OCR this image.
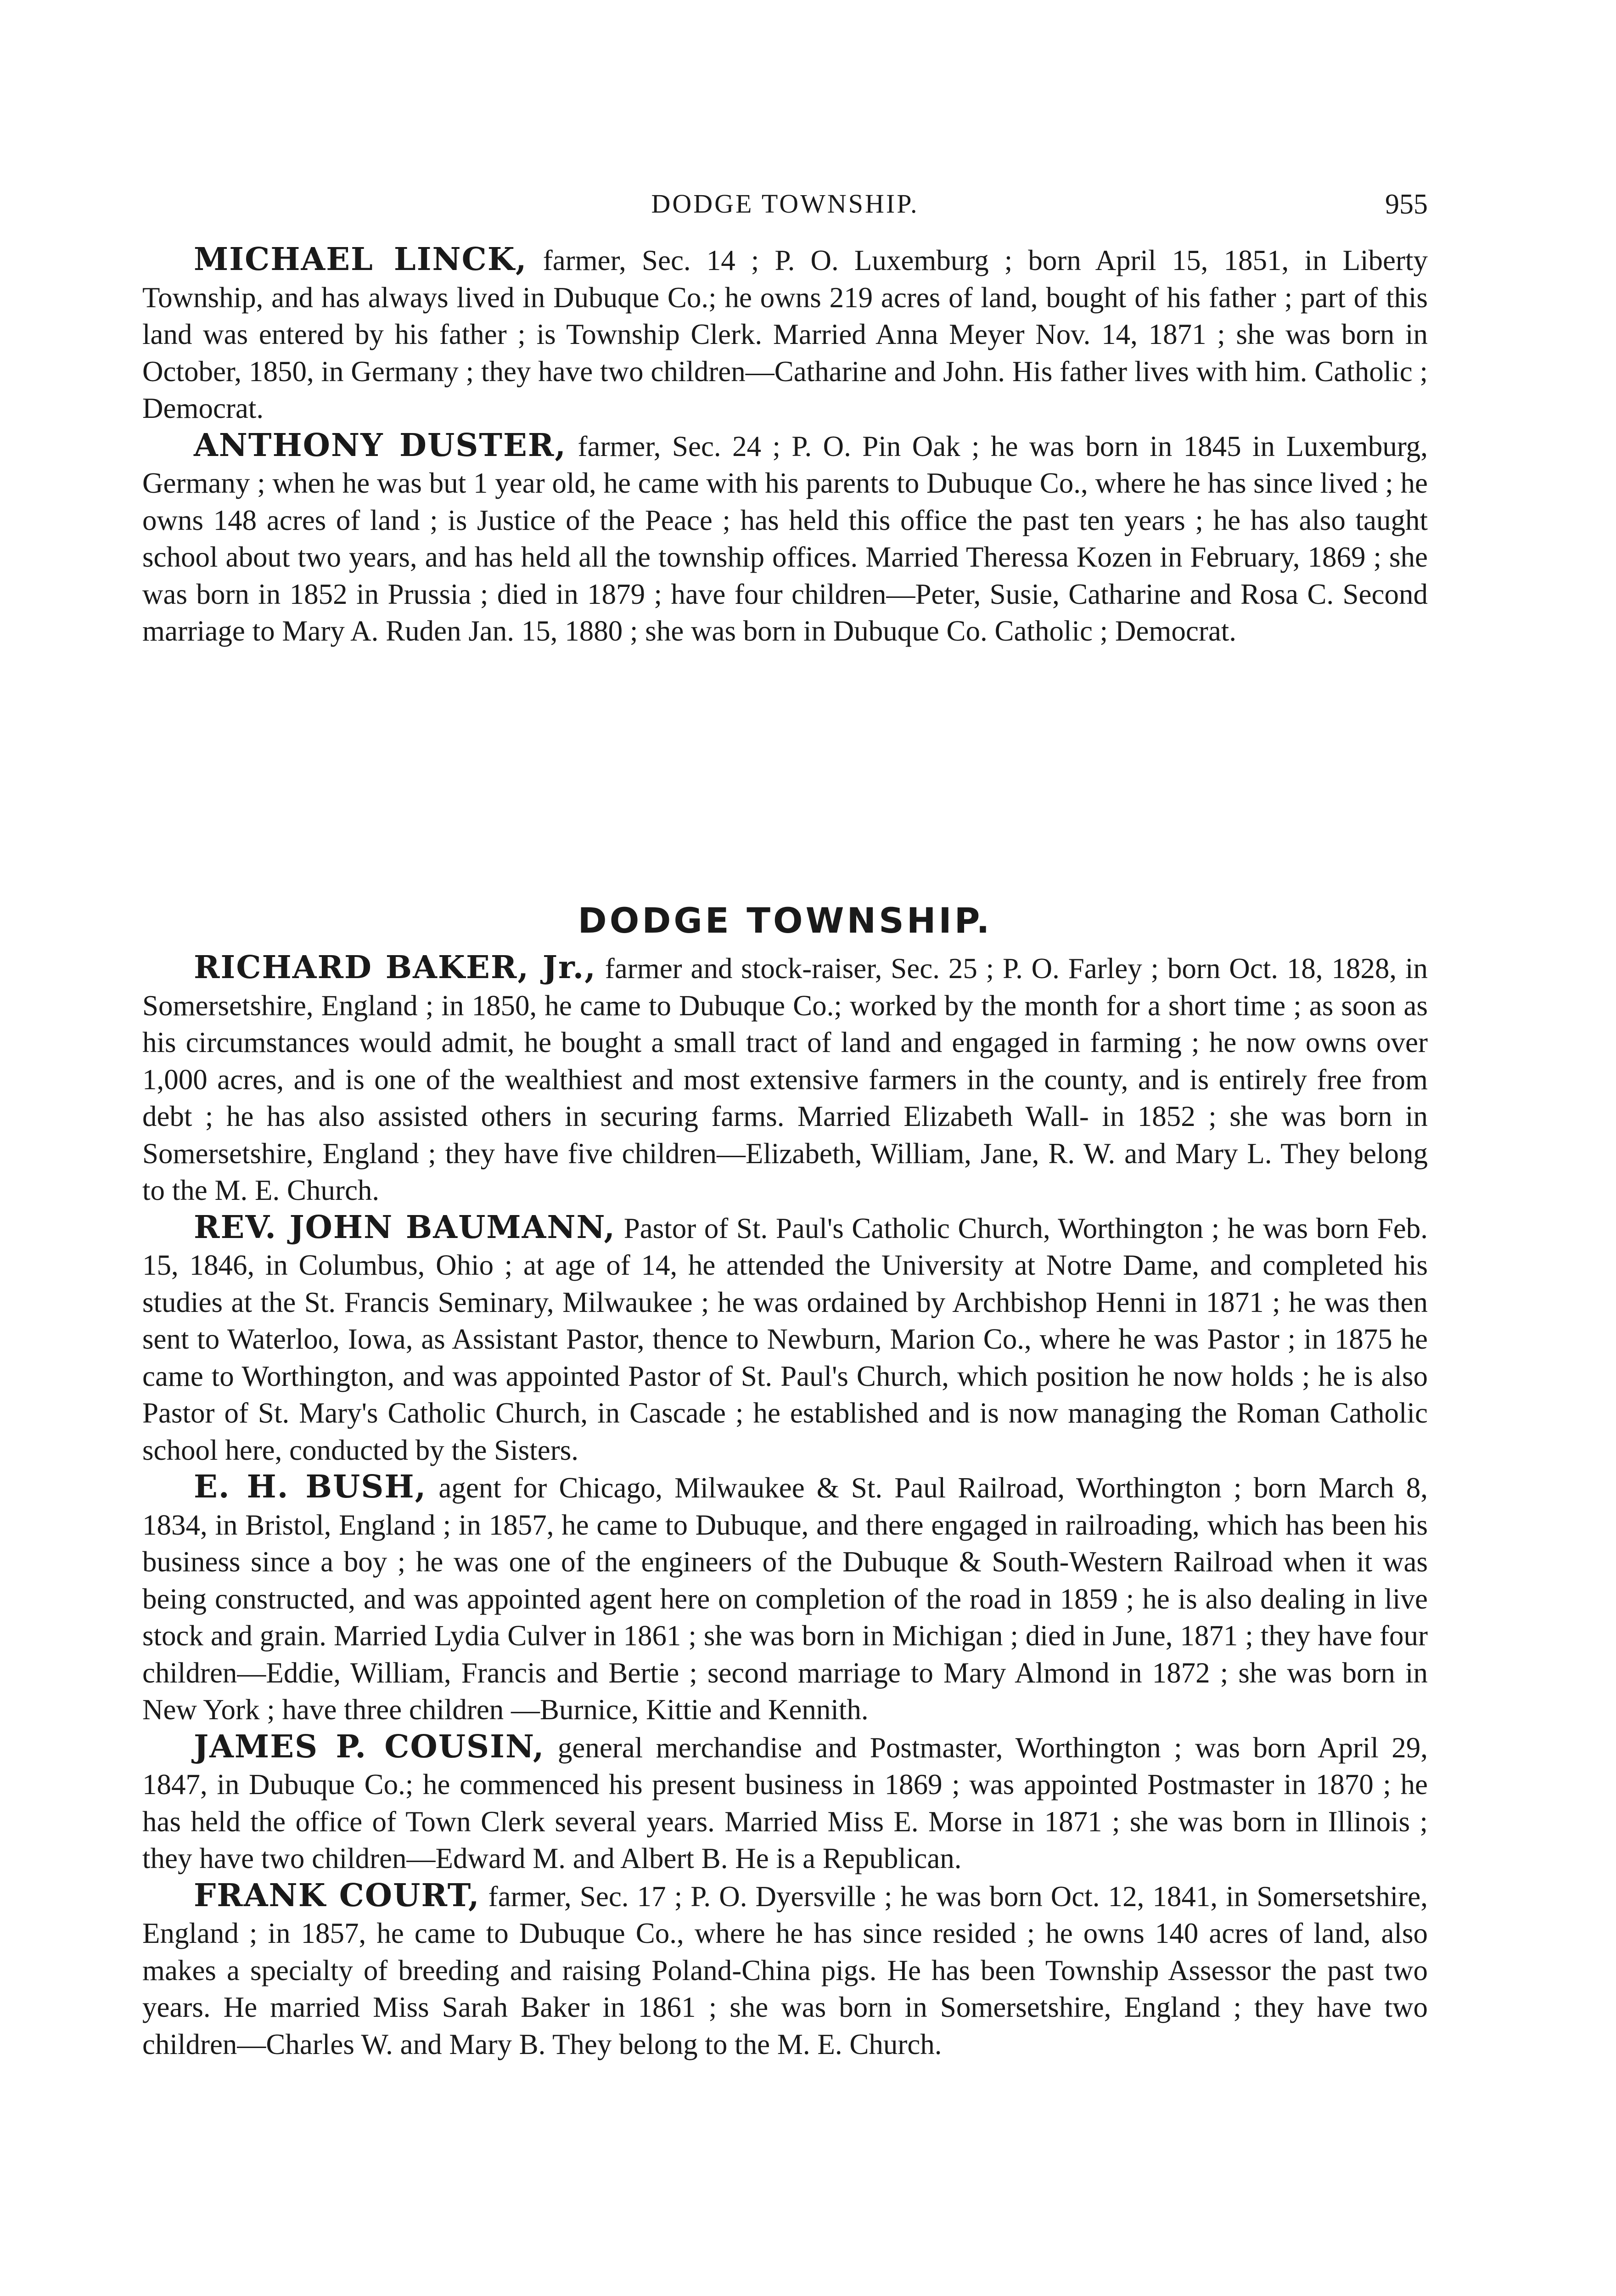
DODGE TOWNSHIP.	955

MICHAEL LINCK, farmer, Sec. 14 ; P. O. Luxemburg ; born April 15, 1851, in Liberty Township, and has always lived in Dubuque Co.; he owns 219 acres of land, bought of his father ; part of this land was entered by his father ; is Township Clerk. Married Anna Meyer Nov. 14, 1871 ; she was born in October, 1850, in Germany ; they have two children—Catharine and John. His father lives with him. Catholic ; Democrat.

ANTHONY DUSTER, farmer, Sec. 24 ; P. O. Pin Oak ; he was born in 1845 in Luxemburg, Germany ; when he was but 1 year old, he came with his parents to Dubuque Co., where he has since lived ; he owns 148 acres of land ; is Justice of the Peace ; has held this office the past ten years ; he has also taught school about two years, and has held all the township offices. Married Theressa Kozen in February, 1869 ; she was born in 1852 in Prussia ; died in 1879 ; have four children—Peter, Susie, Catharine and Rosa C. Second marriage to Mary A. Ruden Jan. 15, 1880 ; she was born in Dubuque Co. Catholic ; Democrat.

DODGE TOWNSHIP.

RICHARD BAKER, Jr., farmer and stock-raiser, Sec. 25 ; P. O. Farley ; born Oct. 18, 1828, in Somersetshire, England ; in 1850, he came to Dubuque Co.; worked by the month for a short time ; as soon as his circumstances would admit, he bought a small tract of land and engaged in farming ; he now owns over 1,000 acres, and is one of the wealthiest and most extensive farmers in the county, and is entirely free from debt ; he has also assisted others in securing farms. Married Elizabeth Wall- in 1852 ; she was born in Somersetshire, England ; they have five children—Elizabeth, William, Jane, R. W. and Mary L. They belong to the M. E. Church.

REV. JOHN BAUMANN, Pastor of St. Paul's Catholic Church, Worthington ; he was born Feb. 15, 1846, in Columbus, Ohio ; at age of 14, he attended the University at Notre Dame, and completed his studies at the St. Francis Seminary, Milwaukee ; he was ordained by Archbishop Henni in 1871 ; he was then sent to Waterloo, Iowa, as Assistant Pastor, thence to Newburn, Marion Co., where he was Pastor ; in 1875 he came to Worthington, and was appointed Pastor of St. Paul's Church, which position he now holds ; he is also Pastor of St. Mary's Catholic Church, in Cascade ; he established and is now managing the Roman Catholic school here, conducted by the Sisters.

E. H. BUSH, agent for Chicago, Milwaukee & St. Paul Railroad, Worthington ; born March 8, 1834, in Bristol, England ; in 1857, he came to Dubuque, and there engaged in railroading, which has been his business since a boy ; he was one of the engineers of the Dubuque & South-Western Railroad when it was being constructed, and was appointed agent here on completion of the road in 1859 ; he is also dealing in live stock and grain. Married Lydia Culver in 1861 ; she was born in Michigan ; died in June, 1871 ; they have four children—Eddie, William, Francis and Bertie ; second marriage to Mary Almond in 1872 ; she was born in New York ; have three children —Burnice, Kittie and Kennith.

JAMES P. COUSIN, general merchandise and Postmaster, Worthington ; was born April 29, 1847, in Dubuque Co.; he commenced his present business in 1869 ; was appointed Postmaster in 1870 ; he has held the office of Town Clerk several years. Married Miss E. Morse in 1871 ; she was born in Illinois ; they have two children—Edward M. and Albert B. He is a Republican.

FRANK COURT, farmer, Sec. 17 ; P. O. Dyersville ; he was born Oct. 12, 1841, in Somersetshire, England ; in 1857, he came to Dubuque Co., where he has since resided ; he owns 140 acres of land, also makes a specialty of breeding and raising Poland-China pigs. He has been Township Assessor the past two years. He married Miss Sarah Baker in 1861 ; she was born in Somersetshire, England ; they have two children—Charles W. and Mary B. They belong to the M. E. Church.
